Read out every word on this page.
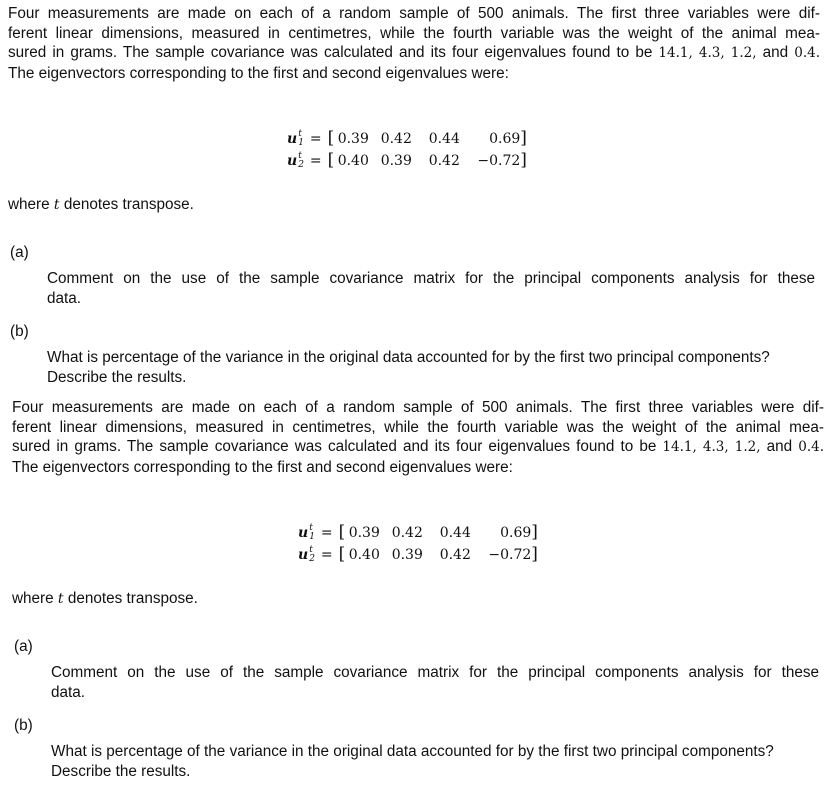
Four measurements are made on each of a random sample of 500 animals. The first three variables were dif-
ferent linear dimensions, measured in centimetres, while the fourth variable was the weight of the animal mea-
sured in grams. The sample covariance was calculated and its four eigenvalues found to be 14.1, 4.3, 1.2, and 0.4.
The eigenvectors corresponding to the first and second eigenvalues were:
u t
1 = [ 0.39 0.42	0.44	0.69 ]
u t
2 = [ 0.40 0.39	0.42	−0.72 ]
where t denotes transpose.
(a)
Comment on the use of the sample covariance matrix for the principal components analysis for these
data.
(b)
What is percentage of the variance in the original data accounted for by the first two principal components?
Describe the results.
Four measurements are made on each of a random sample of 500 animals. The first three variables were dif-
ferent linear dimensions, measured in centimetres, while the fourth variable was the weight of the animal mea-
sured in grams. The sample covariance was calculated and its four eigenvalues found to be 14.1, 4.3, 1.2, and 0.4.
The eigenvectors corresponding to the first and second eigenvalues were:
u t
1 = [ 0.39 0.42	0.44	0.69 ]
u t
2 = [ 0.40 0.39	0.42	−0.72 ]
where t denotes transpose.
(a)
Comment on the use of the sample covariance matrix for the principal components analysis for these
data.
(b)
What is percentage of the variance in the original data accounted for by the first two principal components?
Describe the results.
